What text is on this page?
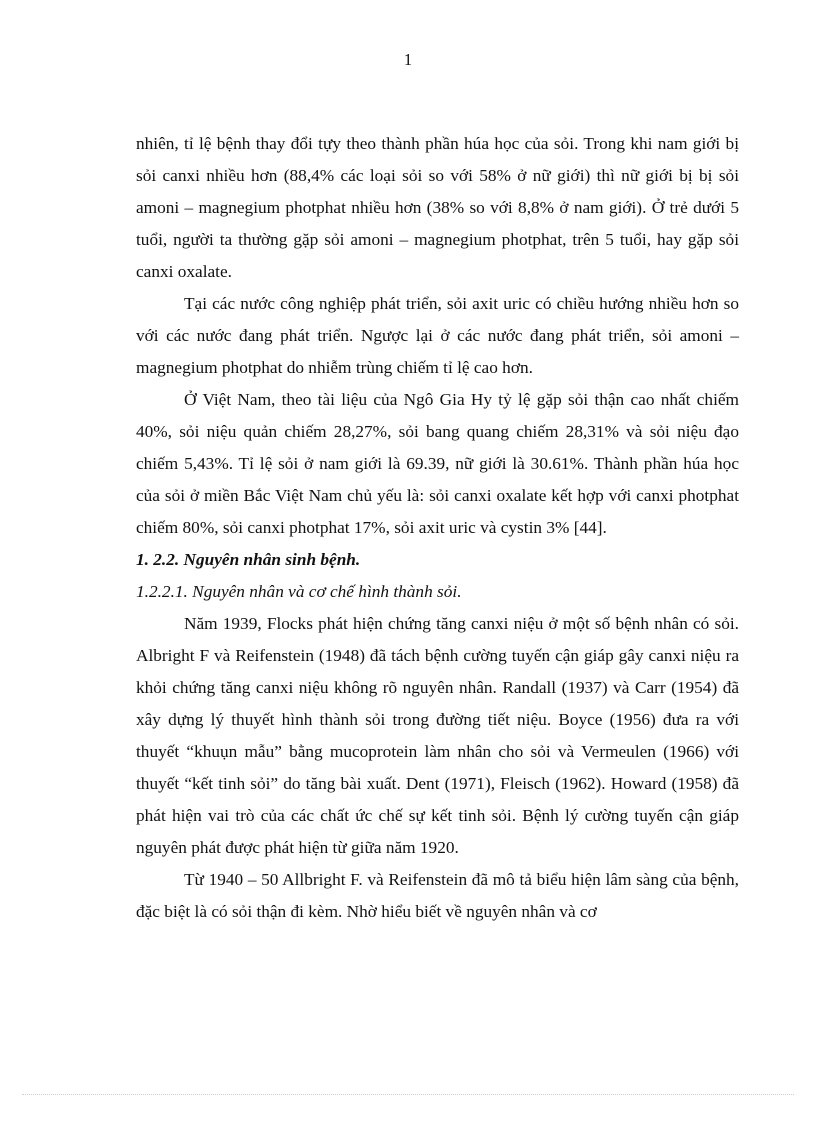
1

nhiên, tỉ lệ bệnh thay đổi tựy theo thành phần húa học của sỏi. Trong khi nam giới bị sỏi canxi nhiều hơn (88,4% các loại sỏi so với 58% ở nữ giới) thì nữ giới bị bị sỏi amoni – magnegium photphat nhiều hơn (38% so với 8,8% ở nam giới). Ở trẻ dưới 5 tuổi, người ta thường gặp sỏi amoni – magnegium photphat, trên 5 tuổi, hay gặp sỏi canxi oxalate.

Tại các nước công nghiệp phát triển, sỏi axit uric có chiều hướng nhiều hơn so với các nước đang phát triển. Ngược lại ở các nước đang phát triển, sỏi amoni – magnegium photphat do nhiễm trùng chiếm tỉ lệ cao hơn.

Ở Việt Nam, theo tài liệu của Ngô Gia Hy tỷ lệ gặp sỏi thận cao nhất chiếm 40%, sỏi niệu quản chiếm 28,27%, sỏi bang quang chiếm 28,31% và sỏi niệu đạo chiếm 5,43%. Tỉ lệ sỏi ở nam giới là 69.39, nữ giới là 30.61%. Thành phần húa học của sỏi ở miền Bắc Việt Nam chủ yếu là: sỏi canxi oxalate kết hợp với canxi photphat chiếm 80%, sỏi canxi photphat 17%, sỏi axit uric và cystin 3% [44].

1. 2.2. Nguyên nhân sinh bệnh.

1.2.2.1. Nguyên nhân và cơ chế hình thành sỏi.

Năm 1939, Flocks phát hiện chứng tăng canxi niệu ở một số bệnh nhân có sỏi. Albright F và Reifenstein (1948) đã tách bệnh cường tuyến cận giáp gây canxi niệu ra khỏi chứng tăng canxi niệu không rõ nguyên nhân. Randall (1937) và Carr (1954) đã xây dựng lý thuyết hình thành sỏi trong đường tiết niệu. Boyce (1956) đưa ra với thuyết “khuụn mẫu” bằng mucoprotein làm nhân cho sỏi và Vermeulen (1966) với thuyết “kết tinh sỏi” do tăng bài xuất. Dent (1971), Fleisch (1962). Howard (1958) đã phát hiện vai trò của các chất ức chế sự kết tinh sỏi. Bệnh lý cường tuyến cận giáp nguyên phát được phát hiện từ giữa năm 1920.

Từ 1940 – 50 Allbright F. và Reifenstein đã mô tả biểu hiện lâm sàng của bệnh, đặc biệt là có sỏi thận đi kèm. Nhờ hiểu biết về nguyên nhân và cơ
